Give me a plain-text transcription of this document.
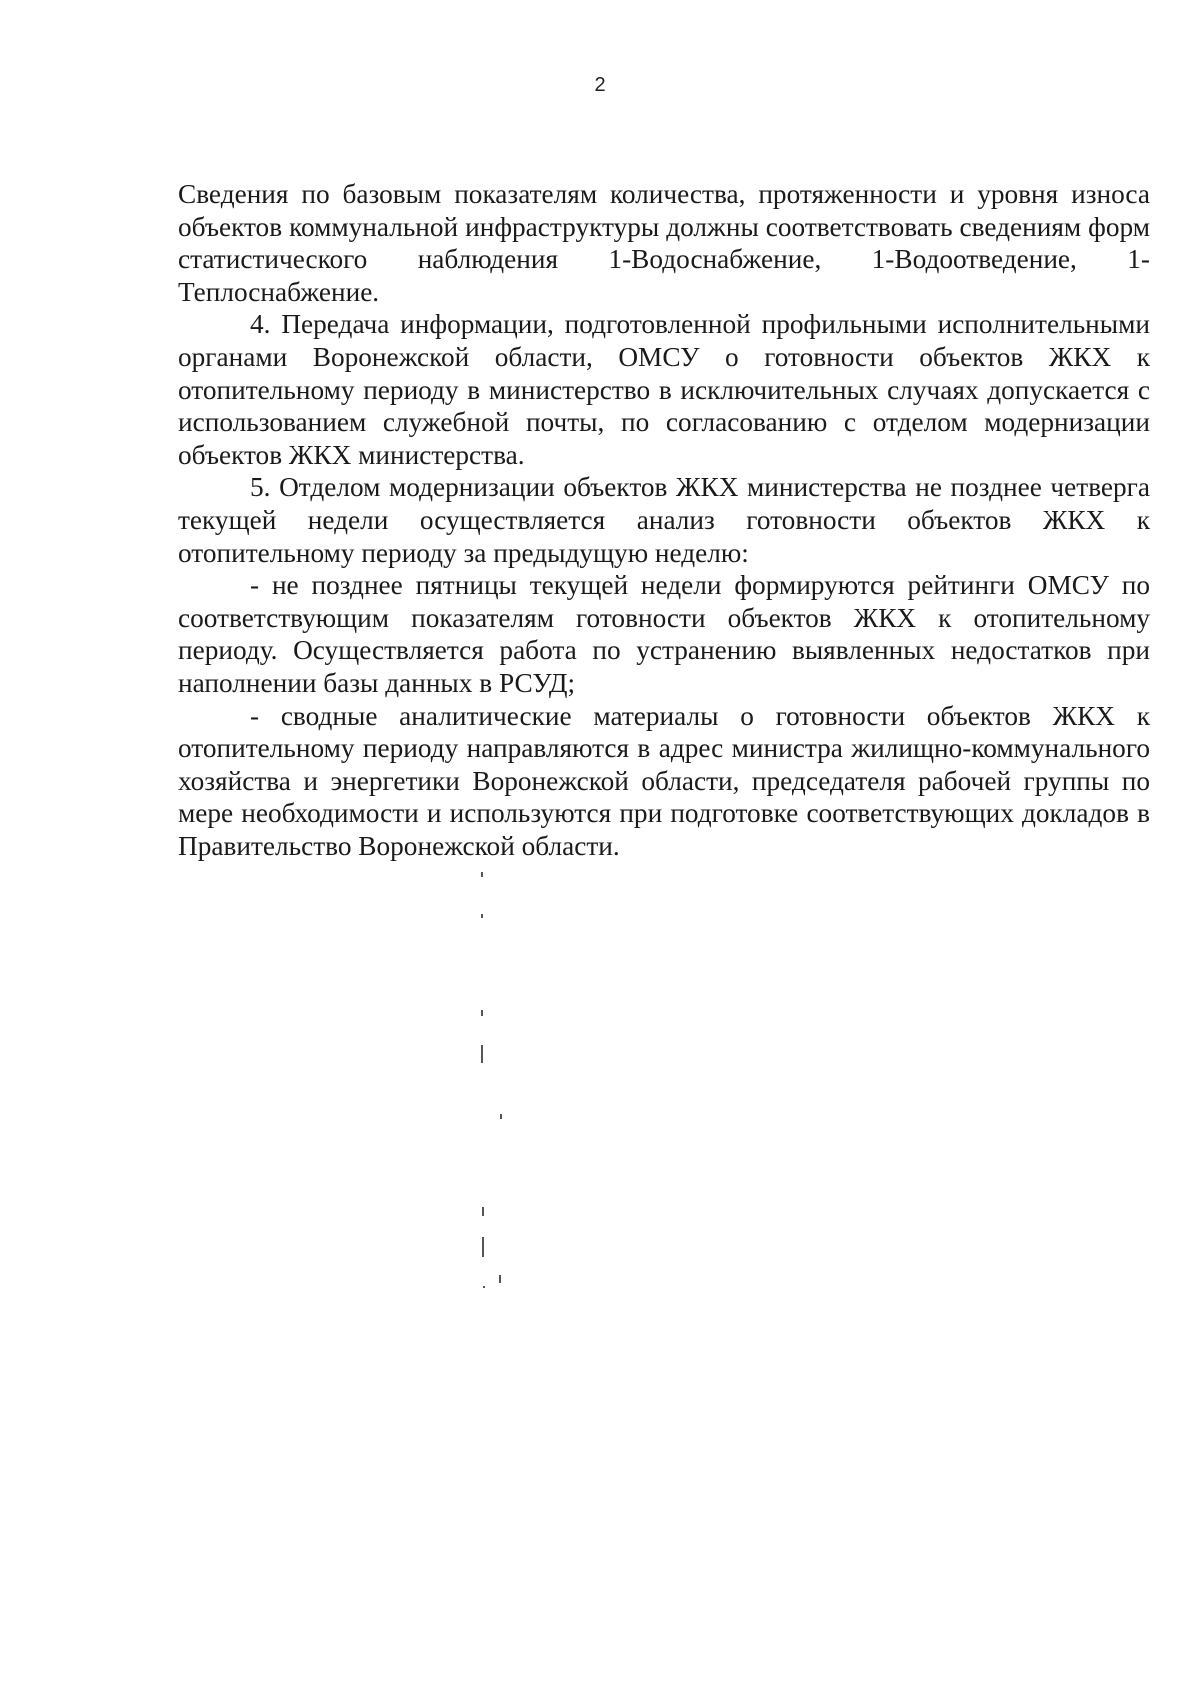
2

Сведения по базовым показателям количества, протяженности и уровня износа объектов коммунальной инфраструктуры должны соответствовать сведениям форм статистического наблюдения 1-Водоснабжение, 1-Водоотведение, 1-Теплоснабжение.

4. Передача информации, подготовленной профильными исполнительными органами Воронежской области, ОМСУ о готовности объектов ЖКХ к отопительному периоду в министерство в исключительных случаях допускается с использованием служебной почты, по согласованию с отделом модернизации объектов ЖКХ министерства.

5. Отделом модернизации объектов ЖКХ министерства не позднее четверга текущей недели осуществляется анализ готовности объектов ЖКХ к отопительному периоду за предыдущую неделю:

- не позднее пятницы текущей недели формируются рейтинги ОМСУ по соответствующим показателям готовности объектов ЖКХ к отопительному периоду. Осуществляется работа по устранению выявленных недостатков при наполнении базы данных в РСУД;

- сводные аналитические материалы о готовности объектов ЖКХ к отопительному периоду направляются в адрес министра жилищно-коммунального хозяйства и энергетики Воронежской области, председателя рабочей группы по мере необходимости и используются при подготовке соответствующих докладов в Правительство Воронежской области.
